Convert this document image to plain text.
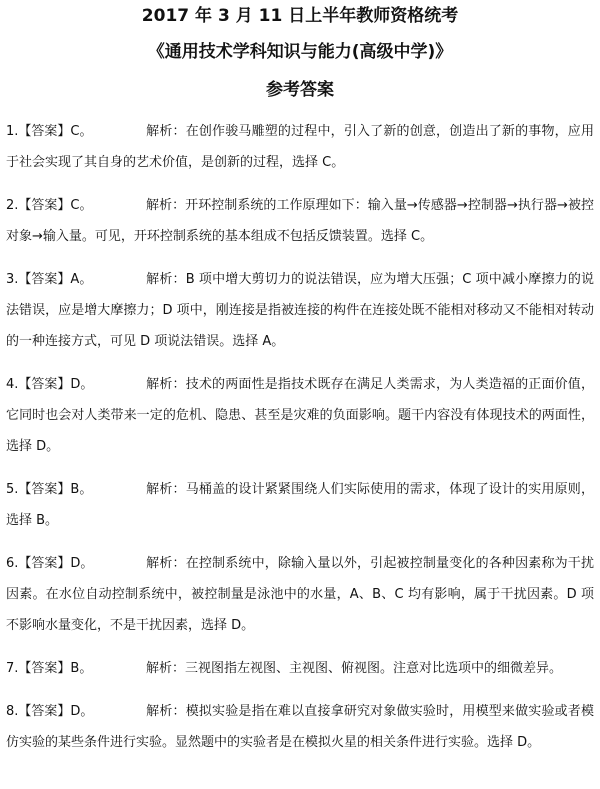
2017 年 3 月 11 日上半年教师资格统考

《通用技术学科知识与能力(高级中学)》

参考答案

1.【答案】C。	解析：在创作骏马雕塑的过程中，引入了新的创意，创造出了新的事物，应用于社会实现了其自身的艺术价值，是创新的过程，选择 C。
2.【答案】C。	解析：开环控制系统的工作原理如下：输入量→传感器→控制器→执行器→被控对象→输入量。可见，开环控制系统的基本组成不包括反馈装置。选择 C。
3.【答案】A。	解析：B 项中增大剪切力的说法错误，应为增大压强；C 项中减小摩擦力的说法错误，应是增大摩擦力；D 项中，刚连接是指被连接的构件在连接处既不能相对移动又不能相对转动的一种连接方式，可见 D 项说法错误。选择 A。
4.【答案】D。	解析：技术的两面性是指技术既存在满足人类需求，为人类造福的正面价值，它同时也会对人类带来一定的危机、隐患、甚至是灾难的负面影响。题干内容没有体现技术的两面性，选择 D。
5.【答案】B。	解析：马桶盖的设计紧紧围绕人们实际使用的需求，体现了设计的实用原则，选择 B。
6.【答案】D。	解析：在控制系统中，除输入量以外，引起被控制量变化的各种因素称为干扰因素。在水位自动控制系统中，被控制量是泳池中的水量，A、B、C 均有影响，属于干扰因素。D 项不影响水量变化，不是干扰因素，选择 D。
7.【答案】B。	解析：三视图指左视图、主视图、俯视图。注意对比选项中的细微差异。
8.【答案】D。	解析：模拟实验是指在难以直接拿研究对象做实验时，用模型来做实验或者模仿实验的某些条件进行实验。显然题中的实验者是在模拟火星的相关条件进行实验。选择 D。
